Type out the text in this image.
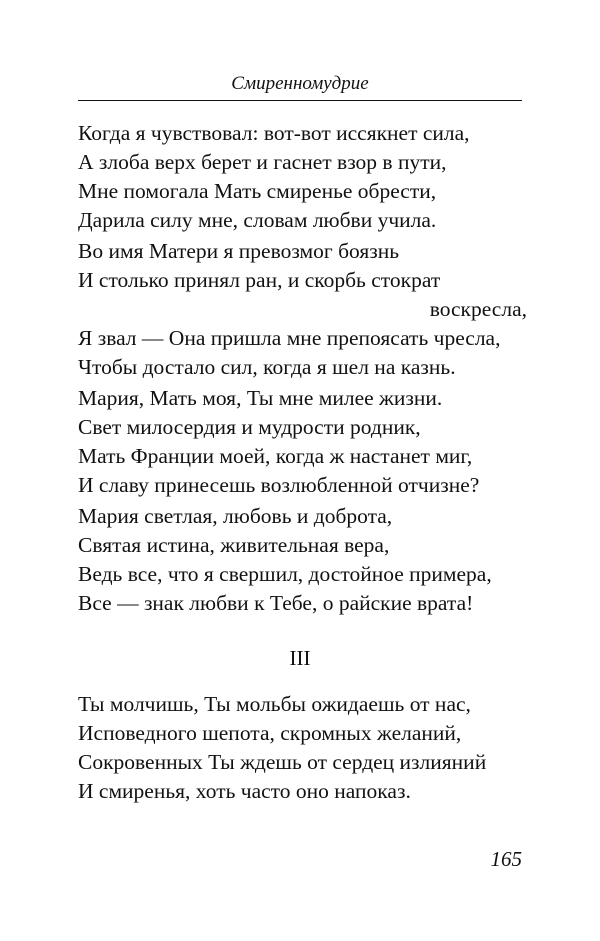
Смиренномудрие
Когда я чувствовал: вот-вот иссякнет сила,
А злоба верх берет и гаснет взор в пути,
Мне помогала Мать смиренье обрести,
Дарила силу мне, словам любви учила.
Во имя Матери я превозмог боязнь
И столько принял ран, и скорбь стократ
воскресла,
Я звал — Она пришла мне препоясать чресла,
Чтобы достало сил, когда я шел на казнь.
Мария, Мать моя, Ты мне милее жизни.
Свет милосердия и мудрости родник,
Мать Франции моей, когда ж настанет миг,
И славу принесешь возлюбленной отчизне?
Мария светлая, любовь и доброта,
Святая истина, живительная вера,
Ведь все, что я свершил, достойное примера,
Все — знак любви к Тебе, о райские врата!
III
Ты молчишь, Ты мольбы ожидаешь от нас,
Исповедного шепота, скромных желаний,
Сокровенных Ты ждешь от сердец излияний
И смиренья, хоть часто оно напоказ.
165
